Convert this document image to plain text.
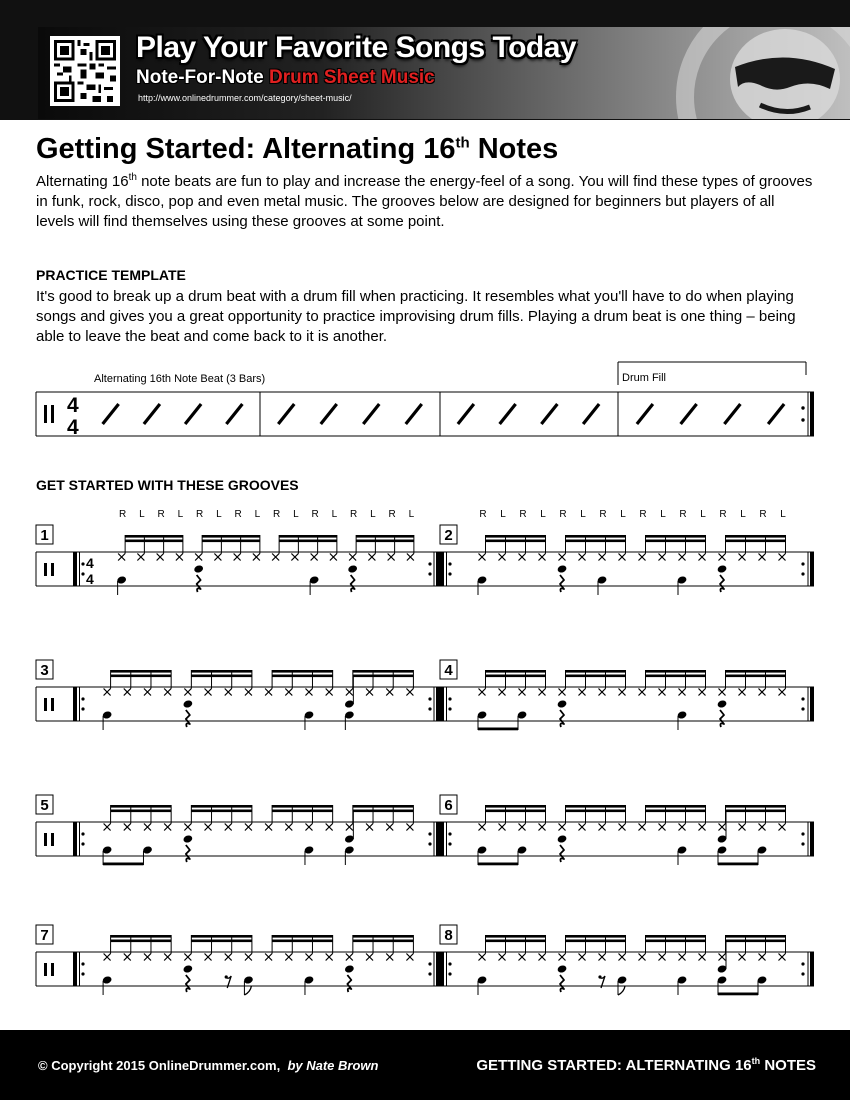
Play Your Favorite Songs Today
Note-For-Note Drum Sheet Music
http://www.onlinedrummer.com/category/sheet-music/
Getting Started: Alternating 16th Notes

Alternating 16th note beats are fun to play and increase the energy-feel of a song. You will find these types of grooves in funk, rock, disco, pop and even metal music. The grooves below are designed for beginners but players of all levels will find themselves using these grooves at some point.

PRACTICE TEMPLATE

It's good to break up a drum beat with a drum fill when practicing. It resembles what you'll have to do when playing songs and gives you a great opportunity to practice improvising drum fills. Playing a drum beat is one thing – being able to leave the beat and come back to it is another.

Alternating 16th Note Beat (3 Bars)	Drum Fill
4
4

GET STARTED WITH THESE GROOVES

1
4
4
R L R L R L R L R L R L R L R L
2
R L R L R L R L R L R L R L R L
3	4
5	6
7	8
© Copyright 2015 OnlineDrummer.com, by Nate Brown	GETTING STARTED: ALTERNATING 16th NOTES
